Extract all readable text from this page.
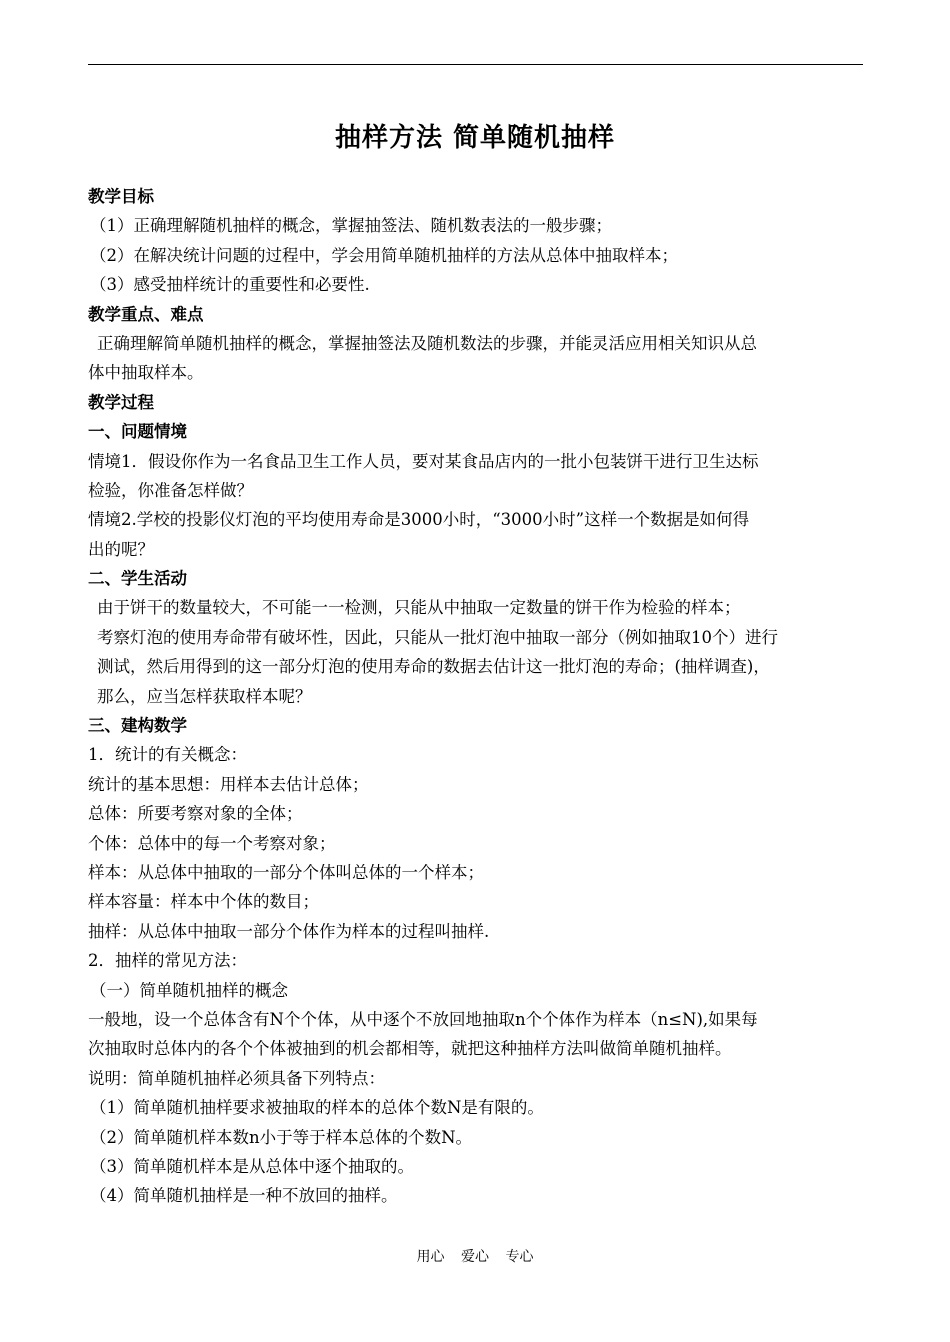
抽样方法 简单随机抽样
教学目标
（1）正确理解随机抽样的概念，掌握抽签法、随机数表法的一般步骤；
（2）在解决统计问题的过程中，学会用简单随机抽样的方法从总体中抽取样本；
（3）感受抽样统计的重要性和必要性.
教学重点、难点
正确理解简单随机抽样的概念，掌握抽签法及随机数法的步骤，并能灵活应用相关知识从总
体中抽取样本。
教学过程
一、问题情境
情境1．假设你作为一名食品卫生工作人员，要对某食品店内的一批小包装饼干进行卫生达标
检验，你准备怎样做？
情境2.学校的投影仪灯泡的平均使用寿命是3000小时，“3000小时”这样一个数据是如何得
出的呢？
二、学生活动
由于饼干的数量较大，不可能一一检测，只能从中抽取一定数量的饼干作为检验的样本；
考察灯泡的使用寿命带有破坏性，因此，只能从一批灯泡中抽取一部分（例如抽取10个）进行
测试，然后用得到的这一部分灯泡的使用寿命的数据去估计这一批灯泡的寿命；(抽样调查)，
那么，应当怎样获取样本呢？
三、建构数学
1．统计的有关概念：
统计的基本思想：用样本去估计总体；
总体：所要考察对象的全体；
个体：总体中的每一个考察对象；
样本：从总体中抽取的一部分个体叫总体的一个样本；
样本容量：样本中个体的数目；
抽样：从总体中抽取一部分个体作为样本的过程叫抽样.
2．抽样的常见方法：
（一）简单随机抽样的概念
一般地，设一个总体含有N个个体，从中逐个不放回地抽取n个个体作为样本（n≤N),如果每
次抽取时总体内的各个个体被抽到的机会都相等，就把这种抽样方法叫做简单随机抽样。
说明：简单随机抽样必须具备下列特点：
（1）简单随机抽样要求被抽取的样本的总体个数N是有限的。
（2）简单随机样本数n小于等于样本总体的个数N。
（3）简单随机样本是从总体中逐个抽取的。
（4）简单随机抽样是一种不放回的抽样。
用心 爱心 专心
